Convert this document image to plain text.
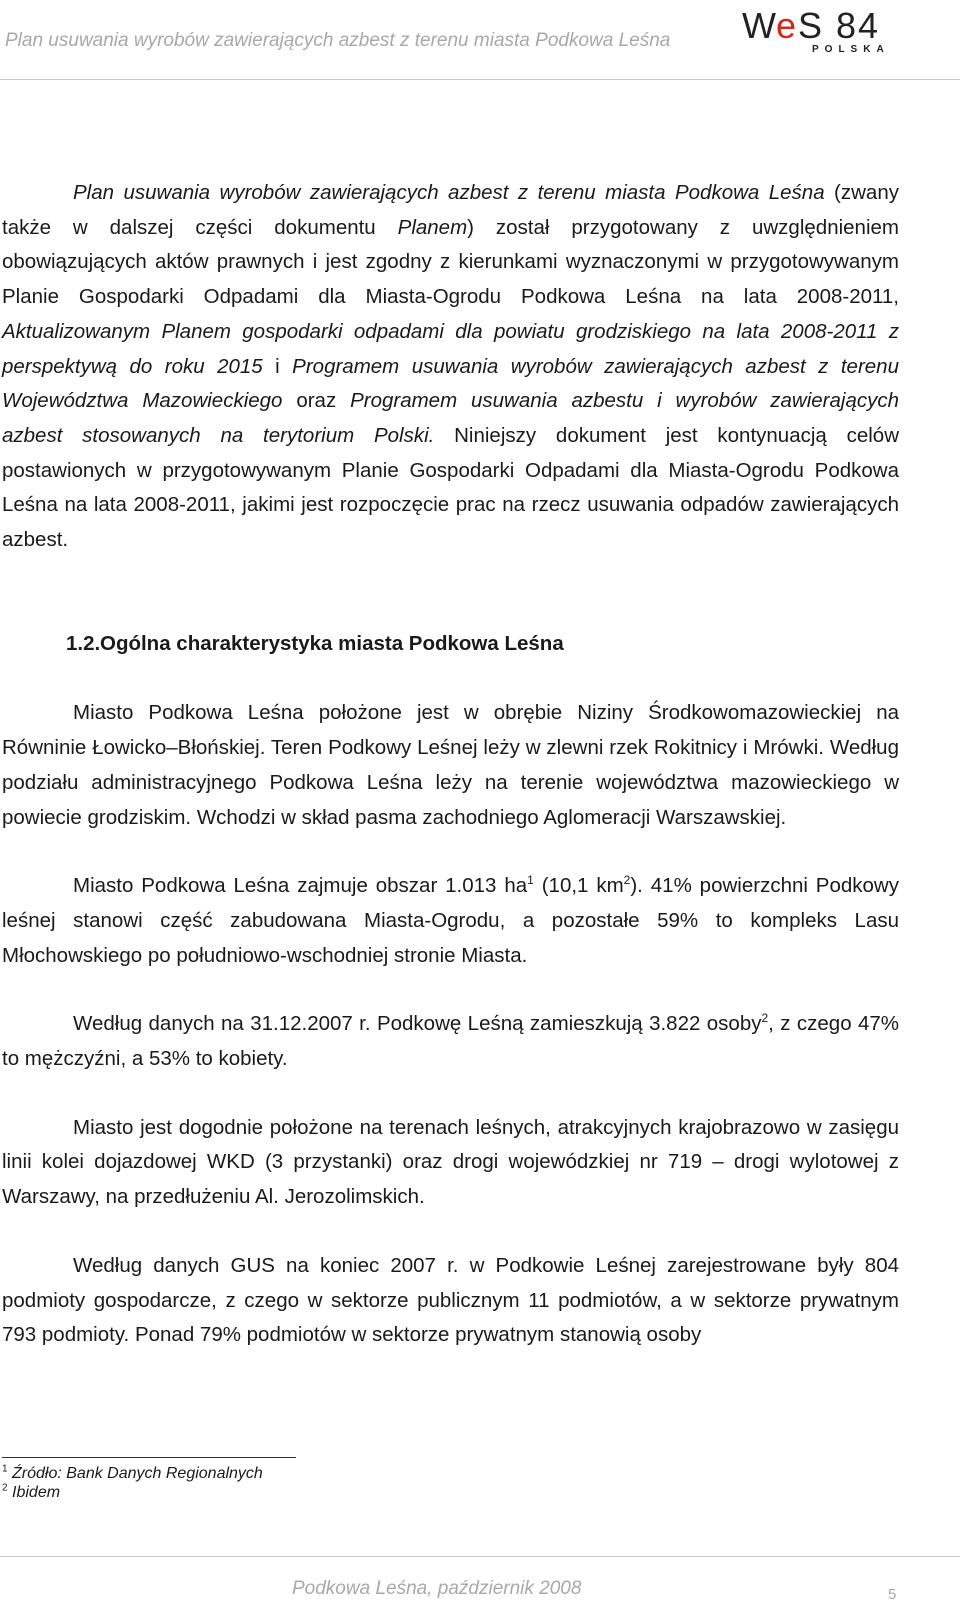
Plan usuwania wyrobów zawierających azbest z terenu miasta Podkowa Leśna W e S 84
POLSKA

Plan usuwania wyrobów zawierających azbest z terenu miasta Podkowa Leśna (zwany także w dalszej części dokumentu Planem) został przygotowany z uwzględnieniem obowiązujących aktów prawnych i jest zgodny z kierunkami wyznaczonymi w przygotowywanym Planie Gospodarki Odpadami dla Miasta-Ogrodu Podkowa Leśna na lata 2008-2011, Aktualizowanym Planem gospodarki odpadami dla powiatu grodziskiego na lata 2008-2011 z perspektywą do roku 2015 i Programem usuwania wyrobów zawierających azbest z terenu Województwa Mazowieckiego oraz Programem usuwania azbestu i wyrobów zawierających azbest stosowanych na terytorium Polski. Niniejszy dokument jest kontynuacją celów postawionych w przygotowywanym Planie Gospodarki Odpadami dla Miasta-Ogrodu Podkowa Leśna na lata 2008-2011, jakimi jest rozpoczęcie prac na rzecz usuwania odpadów zawierających azbest.

1.2.Ogólna charakterystyka miasta Podkowa Leśna

Miasto Podkowa Leśna położone jest w obrębie Niziny Środkowomazowieckiej na Równinie Łowicko–Błońskiej. Teren Podkowy Leśnej leży w zlewni rzek Rokitnicy i Mrówki. Według podziału administracyjnego Podkowa Leśna leży na terenie województwa mazowieckiego w powiecie grodziskim. Wchodzi w skład pasma zachodniego Aglomeracji Warszawskiej.

Miasto Podkowa Leśna zajmuje obszar 1.013 $ha^1$ (10,1 $km^2$). 41% powierzchni Podkowy leśnej stanowi część zabudowana Miasta-Ogrodu, a pozostałe 59% to kompleks Lasu Młochowskiego po południowo-wschodniej stronie Miasta.

Według danych na 31.12.2007 r. Podkowę Leśną zamieszkują 3.822 osoby$^2$, z czego 47% to mężczyźni, a 53% to kobiety.

Miasto jest dogodnie położone na terenach leśnych, atrakcyjnych krajobrazowo w zasięgu linii kolei dojazdowej WKD (3 przystanki) oraz drogi wojewódzkiej nr 719 – drogi wylotowej z Warszawy, na przedłużeniu Al. Jerozolimskich.

Według danych GUS na koniec 2007 r. w Podkowie Leśnej zarejestrowane były 804 podmioty gospodarcze, z czego w sektorze publicznym 11 podmiotów, a w sektorze prywatnym 793 podmioty. Ponad 79% podmiotów w sektorze prywatnym stanowią osoby

$^1$ Źródło: Bank Danych Regionalnych
$^2$ Ibidem
Podkowa Leśna, październik 2008	5
